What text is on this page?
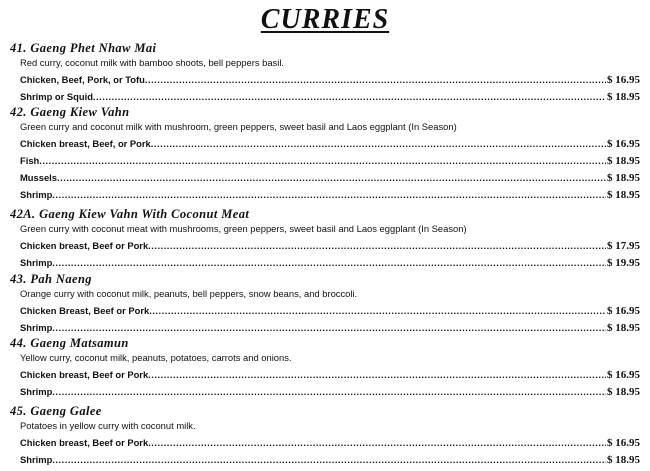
CURRIES
41. Gaeng Phet Nhaw Mai
Red curry, coconut milk with bamboo shoots, bell peppers basil.
Chicken, Beef, Pork, or Tofu .....	$ 16.95
Shrimp or Squid .....	$ 18.95
42. Gaeng Kiew Vahn
Green curry and coconut milk with mushroom, green peppers, sweet basil and Laos eggplant (In Season)
Chicken breast, Beef, or Pork .....	$ 16.95
Fish .....	$ 18.95
Mussels .....	$ 18.95
Shrimp .....	$ 18.95
42A. Gaeng Kiew Vahn With Coconut Meat
Green curry with coconut meat with mushrooms, green peppers, sweet basil and Laos eggplant (In Season)
Chicken breast, Beef or Pork .....	$ 17.95
Shrimp .....	$ 19.95
43. Pah Naeng
Orange curry with coconut milk, peanuts, bell peppers, snow beans, and broccoli.
Chicken Breast, Beef or Pork .....	$ 16.95
Shrimp .....	$ 18.95
44. Gaeng Matsamun
Yellow curry, coconut milk, peanuts, potatoes, carrots and onions.
Chicken breast, Beef or Pork .....	$ 16.95
Shrimp .....	$ 18.95
45. Gaeng Galee
Potatoes in yellow curry with coconut milk.
Chicken breast, Beef or Pork .....	$ 16.95
Shrimp .....	$ 18.95
